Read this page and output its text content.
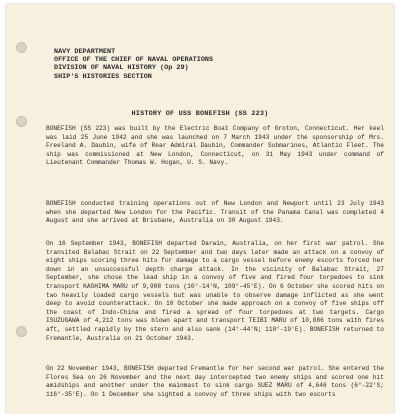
NAVY DEPARTMENT
OFFICE OF THE CHIEF OF NAVAL OPERATIONS
DIVISION OF NAVAL HISTORY (Op 29)
SHIP'S HISTORIES SECTION
HISTORY OF USS BONEFISH (SS 223)

BONEFISH (SS 223) was built by the Electric Boat Company of Groton, Connecticut. Her keel was laid 25 June 1942 and she was launched on 7 March 1943 under the sponsorship of Mrs. Freeland A. Daubin, wife of Rear Admiral Daubin, Commander Submarines, Atlantic Fleet. The ship was commissioned at New London, Connecticut, on 31 May 1943 under command of Lieutenant Commander Thomas W. Hogan, U. S. Navy.

BONEFISH conducted training operations out of New London and Newport until 23 July 1943 when she departed New London for the Pacific. Transit of the Panama Canal was completed 4 August and she arrived at Brisbane, Australia on 30 August 1943.

On 16 September 1943, BONEFISH departed Darwin, Australia, on her first war patrol. She transited Balabac Strait on 22 September and two days later made an attack on a convoy of eight ships scoring three hits for damage to a cargo vessel before enemy escorts forced her down in an unsuccessful depth charge attack. In the vicinity of Balabac Strait, 27 September, she chose the lead ship in a convoy of five and fired four torpedoes to sink transport KASHIMA MARU of 9,908 tons (10°-14'N, 109°-45'E). On 6 October she scored hits on two heavily loaded cargo vessels but was unable to observe damage inflicted as she went deep to avoid counterattack. On 10 October she made approach on a convoy of five ships off the coast of Indo-China and fired a spread of four torpedoes at two targets. Cargo ISUZUGAWA of 4,212 tons was blown apart and transport TEIBI MARU of 10,086 tons with fires aft, settled rapidly by the stern and also sank (14°-44'N; 110°-19'E). BONEFISH returned to Fremantle, Australia on 21 October 1943.

On 22 November 1943, BONEFISH departed Fremantle for her second war patrol. She entered the Flores Sea on 26 November and the next day intercepted two enemy ships and scored one hit amidships and another under the mainmast to sink cargo SUEZ MARU of 4,646 tons (6°-22'S; 116°-35'E). On 1 December she sighted a convoy of three ships with two escorts
